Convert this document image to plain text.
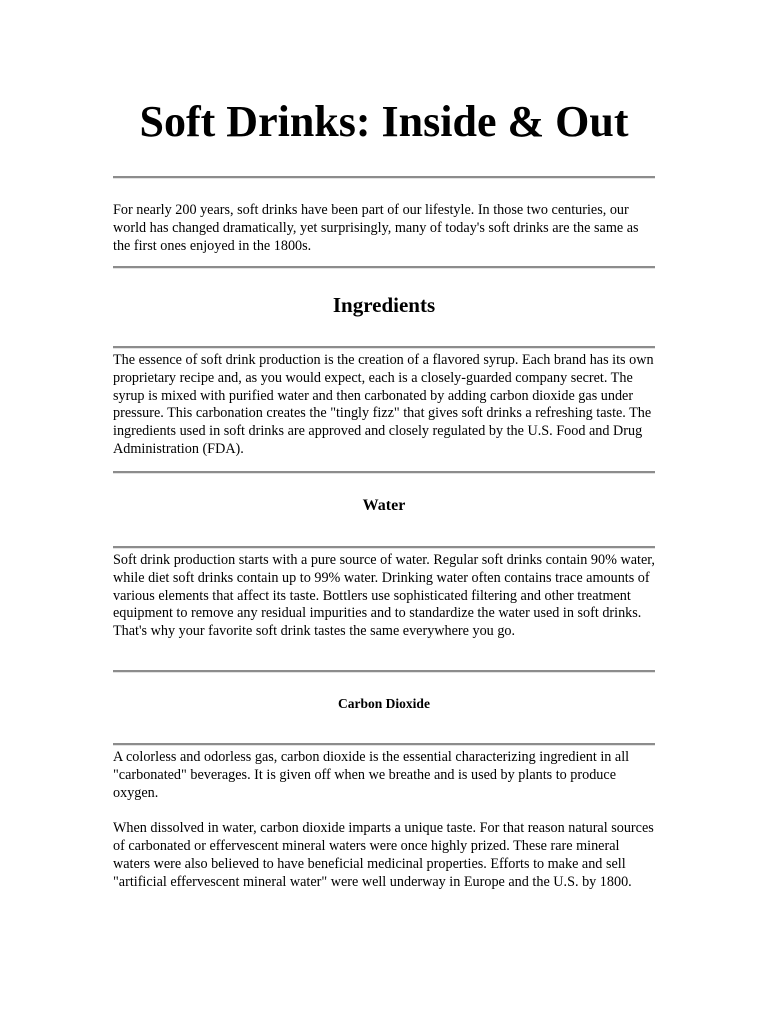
Soft Drinks: Inside & Out

For nearly 200 years, soft drinks have been part of our lifestyle. In those two centuries, our world has changed dramatically, yet surprisingly, many of today's soft drinks are the same as the first ones enjoyed in the 1800s.

Ingredients

The essence of soft drink production is the creation of a flavored syrup. Each brand has its own proprietary recipe and, as you would expect, each is a closely-guarded company secret. The syrup is mixed with purified water and then carbonated by adding carbon dioxide gas under pressure. This carbonation creates the "tingly fizz" that gives soft drinks a refreshing taste. The ingredients used in soft drinks are approved and closely regulated by the U.S. Food and Drug Administration (FDA).

Water

Soft drink production starts with a pure source of water. Regular soft drinks contain 90% water, while diet soft drinks contain up to 99% water. Drinking water often contains trace amounts of various elements that affect its taste. Bottlers use sophisticated filtering and other treatment equipment to remove any residual impurities and to standardize the water used in soft drinks. That's why your favorite soft drink tastes the same everywhere you go.

Carbon Dioxide

A colorless and odorless gas, carbon dioxide is the essential characterizing ingredient in all "carbonated" beverages. It is given off when we breathe and is used by plants to produce oxygen.

When dissolved in water, carbon dioxide imparts a unique taste. For that reason natural sources of carbonated or effervescent mineral waters were once highly prized. These rare mineral waters were also believed to have beneficial medicinal properties. Efforts to make and sell "artificial effervescent mineral water" were well underway in Europe and the U.S. by 1800.
